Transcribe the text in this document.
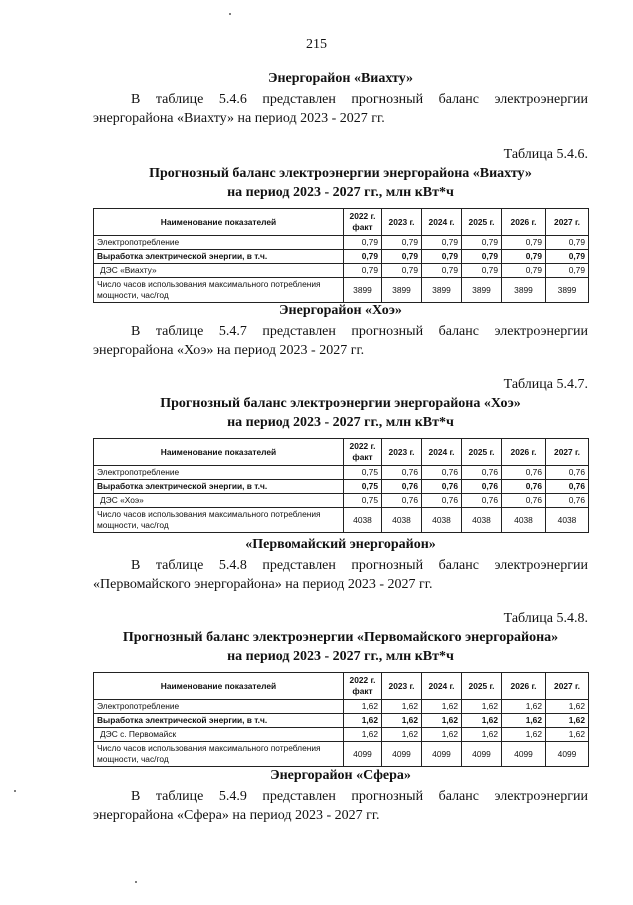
215

Энергорайон «Виахту»

В таблице 5.4.6 представлен прогнозный баланс электроэнергии энергорайона «Виахту» на период 2023 - 2027 гг.

Таблица 5.4.6.

Прогнозный баланс электроэнергии энергорайона «Виахту»

на период 2023 - 2027 гг., млн кВт*ч

Наименование показателей	2022 г. факт	2023 г.	2024 г.	2025 г.	2026 г.	2027 г.
Электропотребление	0,79	0,79	0,79	0,79	0,79	0,79
Выработка электрической энергии, в т.ч.	0,79	0,79	0,79	0,79	0,79	0,79
ДЭС «Виахту»	0,79	0,79	0,79	0,79	0,79	0,79
Число часов использования максимального потребления мощности, час/год	3899	3899	3899	3899	3899	3899

Энергорайон «Хоэ»

В таблице 5.4.7 представлен прогнозный баланс электроэнергии энергорайона «Хоэ» на период 2023 - 2027 гг.

Таблица 5.4.7.

Прогнозный баланс электроэнергии энергорайона «Хоэ»

на период 2023 - 2027 гг., млн кВт*ч

Наименование показателей	2022 г. факт	2023 г.	2024 г.	2025 г.	2026 г.	2027 г.
Электропотребление	0,75	0,76	0,76	0,76	0,76	0,76
Выработка электрической энергии, в т.ч.	0,75	0,76	0,76	0,76	0,76	0,76
ДЭС «Хоэ»	0,75	0,76	0,76	0,76	0,76	0,76
Число часов использования максимального потребления мощности, час/год	4038	4038	4038	4038	4038	4038

«Первомайский энергорайон»

В таблице 5.4.8 представлен прогнозный баланс электроэнергии «Первомайского энергорайона» на период 2023 - 2027 гг.

Таблица 5.4.8.

Прогнозный баланс электроэнергии «Первомайского энергорайона»

на период 2023 - 2027 гг., млн кВт*ч

Наименование показателей	2022 г. факт	2023 г.	2024 г.	2025 г.	2026 г.	2027 г.
Электропотребление	1,62	1,62	1,62	1,62	1,62	1,62
Выработка электрической энергии, в т.ч.	1,62	1,62	1,62	1,62	1,62	1,62
ДЭС с. Первомайск	1,62	1,62	1,62	1,62	1,62	1,62
Число часов использования максимального потребления мощности, час/год	4099	4099	4099	4099	4099	4099

Энергорайон «Сфера»

В таблице 5.4.9 представлен прогнозный баланс электроэнергии энергорайона «Сфера» на период 2023 - 2027 гг.
